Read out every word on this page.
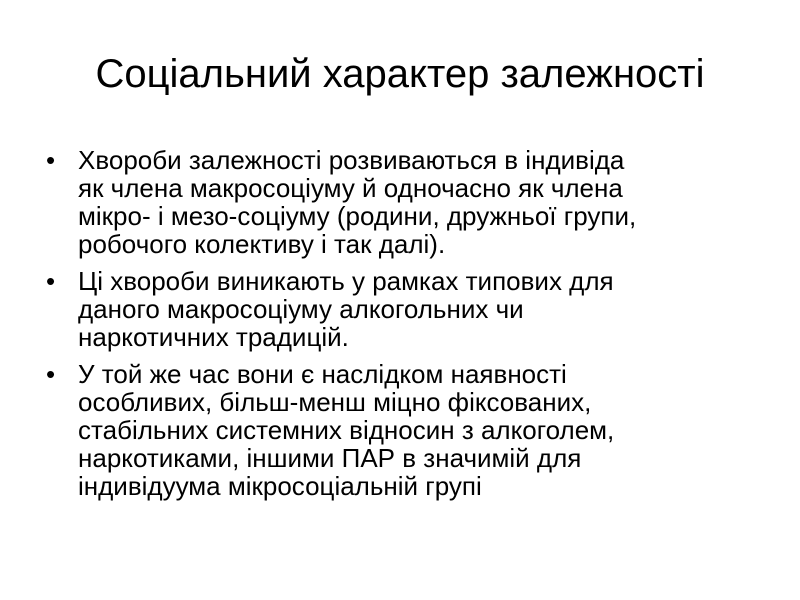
Соціальний характер залежності
• Хвороби залежності розвиваються в індивіда
як члена макросоціуму й одночасно як члена
мікро- і мезо-соціуму (родини, дружньої групи,
робочого колективу і так далі).
• Ці хвороби виникають у рамках типових для
даного макросоціуму алкогольних чи
наркотичних традицій.
• У той же час вони є наслідком наявності
особливих, більш-менш міцно фіксованих,
стабільних системних відносин з алкоголем,
наркотиками, іншими ПАР в значимій для
індивідуума мікросоціальній групі
